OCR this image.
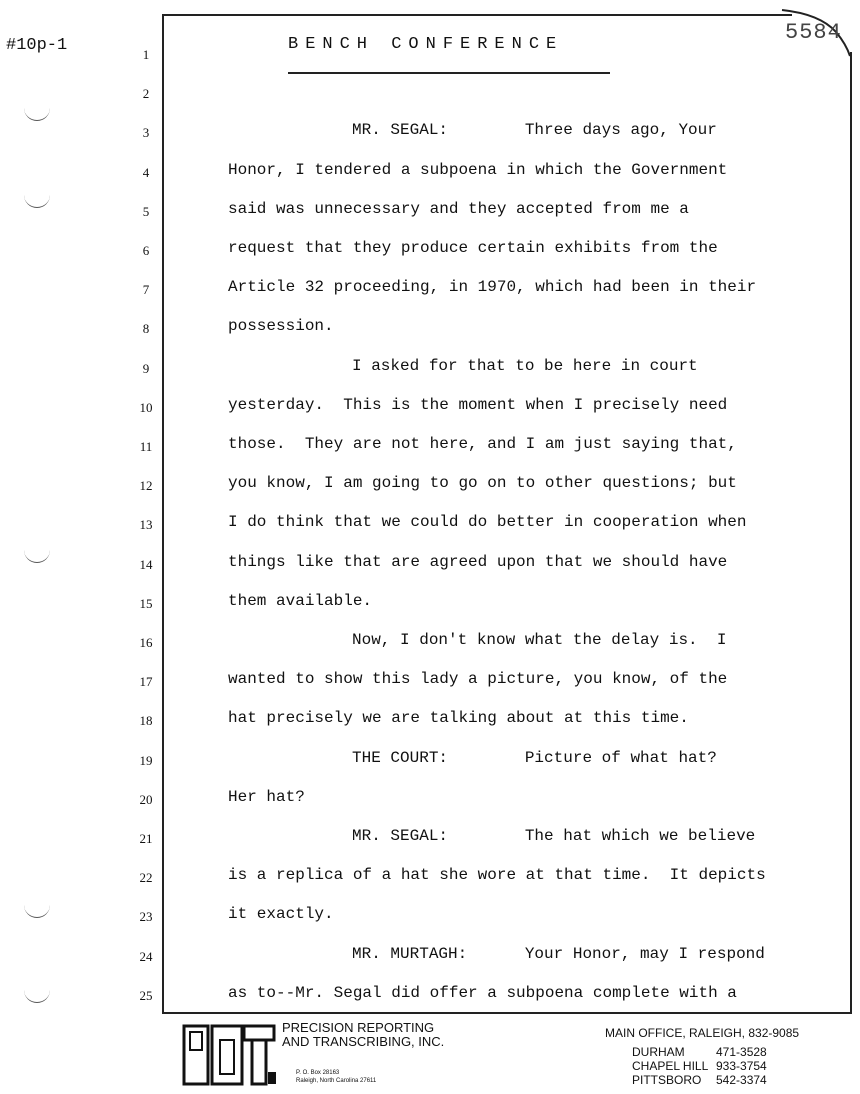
#10p-1
5584
BENCH CONFERENCE
1
2
3	MR. SEGAL:        Three days ago, Your
4	Honor, I tendered a subpoena in which the Government
5	said was unnecessary and they accepted from me a
6	request that they produce certain exhibits from the
7	Article 32 proceeding, in 1970, which had been in their
8	possession.
9	I asked for that to be here in court
10	yesterday.  This is the moment when I precisely need
11	those.  They are not here, and I am just saying that,
12	you know, I am going to go on to other questions; but
13	I do think that we could do better in cooperation when
14	things like that are agreed upon that we should have
15	them available.
16	Now, I don't know what the delay is.  I
17	wanted to show this lady a picture, you know, of the
18	hat precisely we are talking about at this time.
19	THE COURT:        Picture of what hat?
20	Her hat?
21	MR. SEGAL:        The hat which we believe
22	is a replica of a hat she wore at that time.  It depicts
23	it exactly.
24	MR. MURTAGH:      Your Honor, may I respond
25	as to--Mr. Segal did offer a subpoena complete with a
PRECISION REPORTING
AND TRANSCRIBING, INC.
P. O. Box 28163
Raleigh, North Carolina 27611
MAIN OFFICE, RALEIGH, 832-9085
DURHAM	471-3528
CHAPEL HILL 933-3754
PITTSBORO 542-3374
